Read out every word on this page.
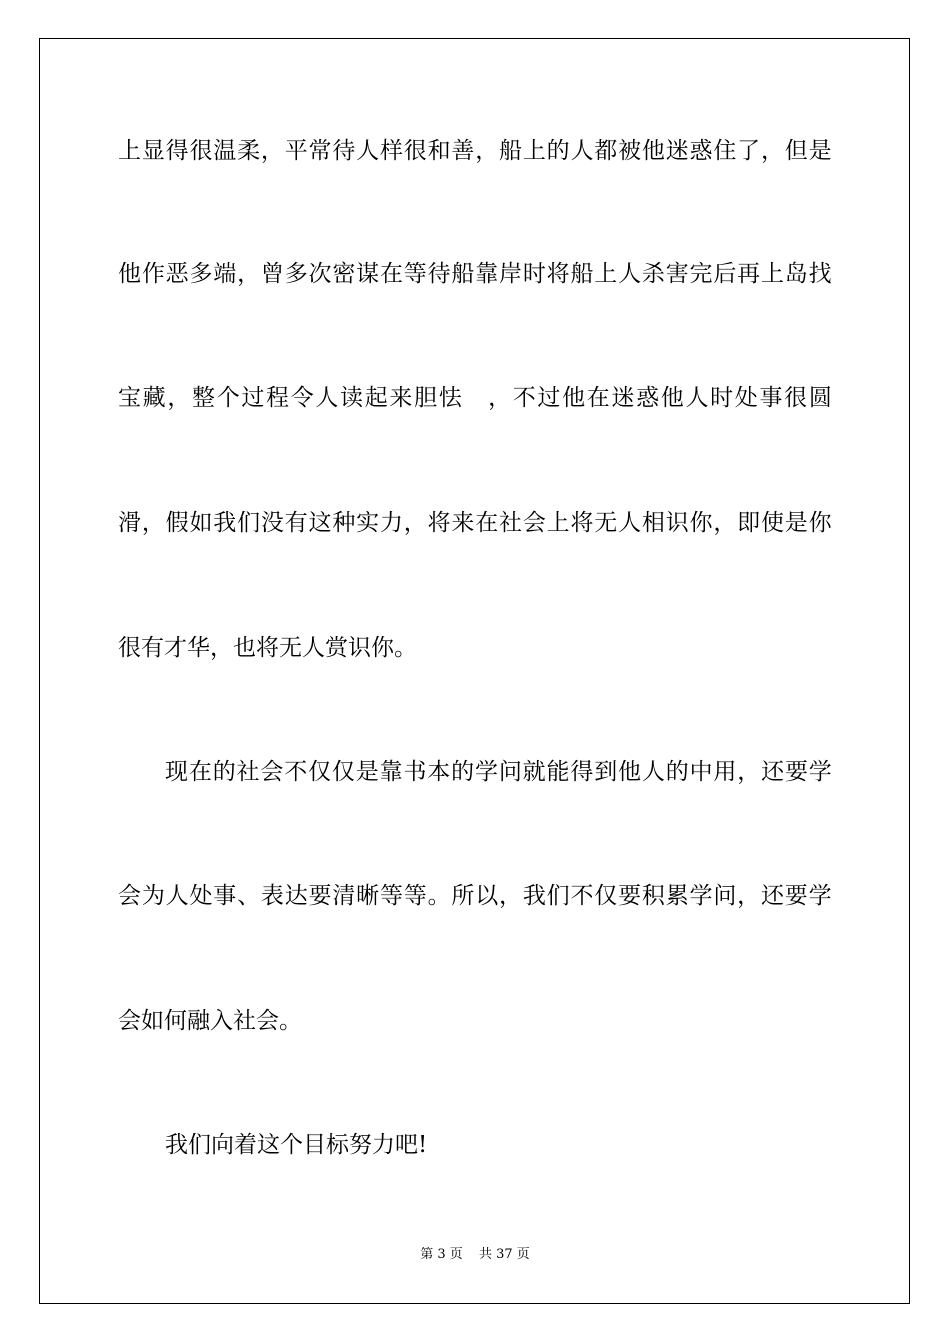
上 显 得 很 温 柔 ， 平 常 待 人 样 很 和 善 ， 船 上 的 人 都 被 他 迷 惑 住 了 ， 但 是
他 作 恶 多 端 ， 曾 多 次 密 谋 在 等 待 船 靠 岸 时 将 船 上 人 杀 害 完 后 再 上 岛 找
宝 藏 ， 整 个 过 程 令 人 读 起 来 胆 怯
　 ， 不 过 他 在 迷 惑 他 人 时 处 事 很 圆
滑 ， 假 如 我 们 没 有 这 种 实 力 ， 将 来 在 社 会 上 将 无 人 相 识 你 ， 即 使 是 你
很有才华，也将无人赏识你。
现 在 的 社 会 不 仅 仅 是 靠 书 本 的 学 问 就 能 得 到 他 人 的 中 用 ， 还 要 学
会 为 人 处 事 、 表 达 要 清 晰 等 等 。 所 以 ， 我 们 不 仅 要 积 累 学 问 ， 还 要 学
会如何融入社会。
我们向着这个目标努力吧!
第 3 页 共 37 页
